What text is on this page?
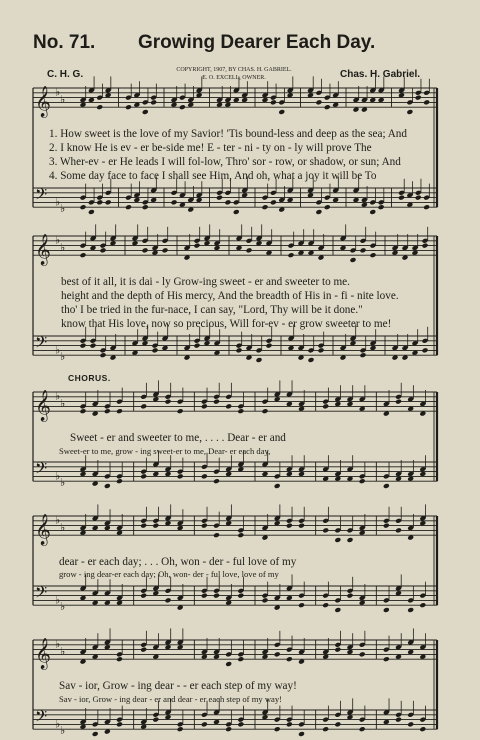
No. 71. Growing Dearer Each Day.
C. H. G.	COPYRIGHT, 1907, BY CHAS. H. GABRIEL.
E. O. EXCELL, OWNER.	Chas. H. Gabriel.
𝄞 ♭
♭
𝄢 ♭
♭
𝄞 ♭
♭
𝄢 ♭
♭
𝄞 ♭
♭
𝄢 ♭
♭
𝄞 ♭
♭
𝄢 ♭
♭
𝄞 ♭
♭
𝄢 ♭
♭
1. How sweet is the love of my Savior! 'Tis bound-less and deep as the sea; And
2. I know He is ev - er be-side me! E - ter - ni - ty on - ly will prove The
3. Wher-ev - er He leads I will fol-low, Thro' sor - row, or shadow, or sun; And
4. Some day face to face I shall see Him, And oh, what a joy it will be To
best of it all, it is dai - ly Grow-ing sweet - er and sweeter to me.
height and the depth of His mercy, And the breadth of His in - fi - nite love.
tho' I be tried in the fur-nace, I can say, "Lord, Thy will be it done."
know that His love, now so precious, Will for-ev - er grow sweeter to me!
CHORUS.
Sweet - er and sweeter to me, . . . . Dear - er and
Sweet-er to me, grow - ing sweet-er to me, Dear- er each day,
dear - er each day; . . . Oh, won - der - ful love of my
grow - ing dear-er each day; Oh, won- der - ful love, love of my
Sav - ior, Grow - ing dear - - er each step of my way!
Sav - ior, Grow - ing dear - er and dear - er each step of my way!
